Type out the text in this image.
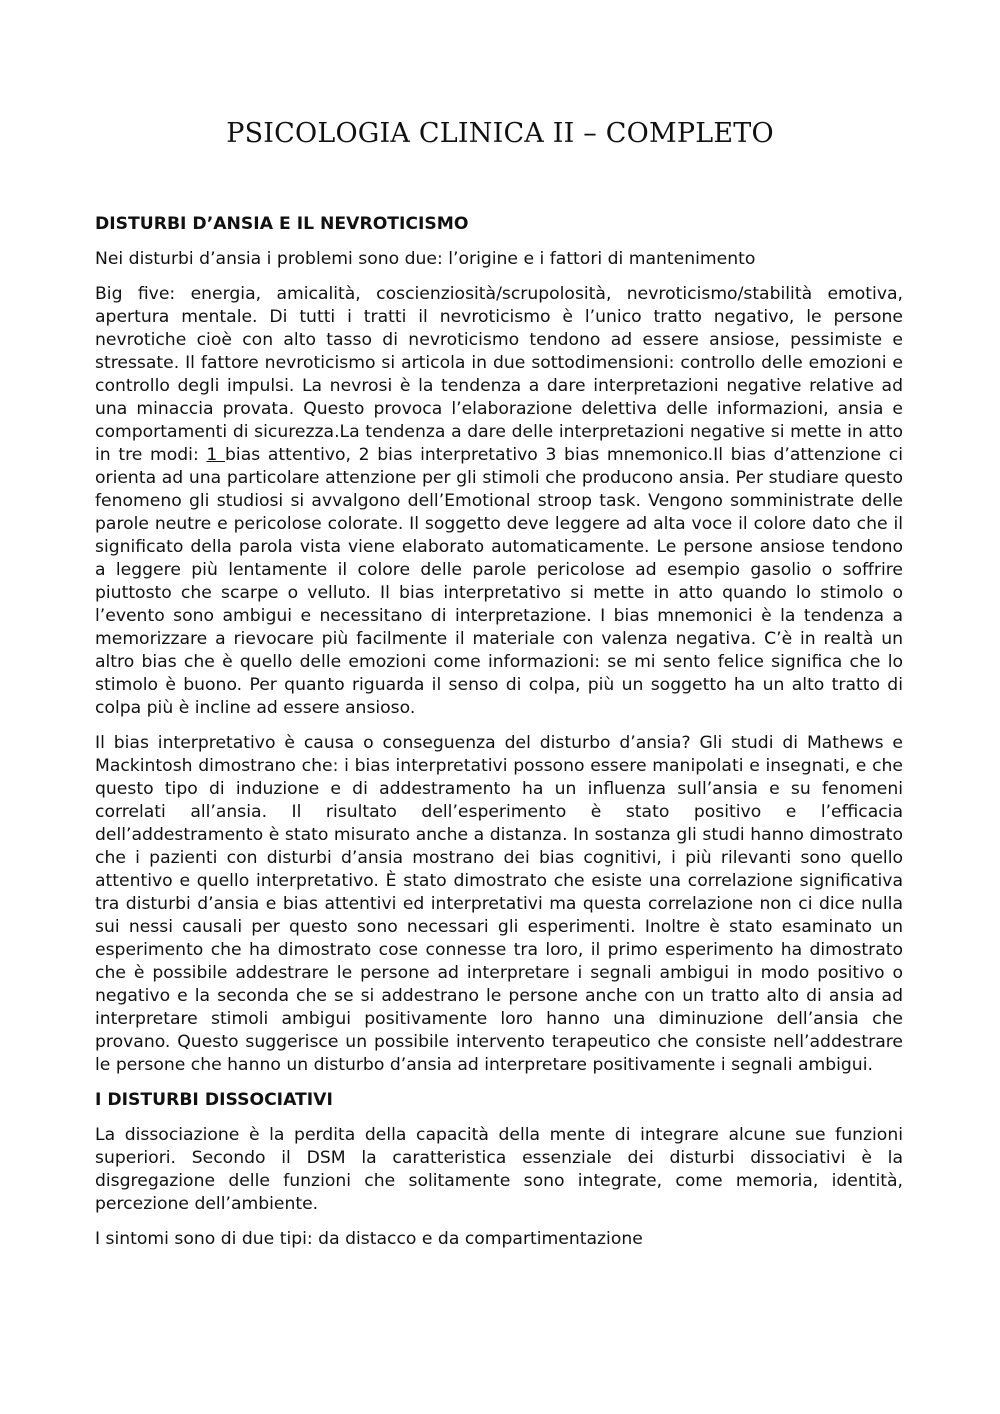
PSICOLOGIA CLINICA II – COMPLETO
DISTURBI D’ANSIA E IL NEVROTICISMO

Nei disturbi d’ansia i problemi sono due: l’origine e i fattori di mantenimento

Big five: energia, amicalità, coscienziosità/scrupolosità, nevroticismo/stabilità emotiva, apertura mentale. Di tutti i tratti il nevroticismo è l’unico tratto negativo, le persone nevrotiche cioè con alto tasso di nevroticismo tendono ad essere ansiose, pessimiste e stressate. Il fattore nevroticismo si articola in due sottodimensioni: controllo delle emozioni e controllo degli impulsi. La nevrosi è la tendenza a dare interpretazioni negative relative ad una minaccia provata. Questo provoca l’elaborazione delettiva delle informazioni, ansia e comportamenti di sicurezza.La tendenza a dare delle interpretazioni negative si mette in atto in tre modi: 1 bias attentivo, 2 bias interpretativo 3 bias mnemonico.Il bias d’attenzione ci orienta ad una particolare attenzione per gli stimoli che producono ansia. Per studiare questo fenomeno gli studiosi si avvalgono dell’Emotional stroop task. Vengono somministrate delle parole neutre e pericolose colorate. Il soggetto deve leggere ad alta voce il colore dato che il significato della parola vista viene elaborato automaticamente. Le persone ansiose tendono a leggere più lentamente il colore delle parole pericolose ad esempio gasolio o soffrire piuttosto che scarpe o velluto. Il bias interpretativo si mette in atto quando lo stimolo o l’evento sono ambigui e necessitano di interpretazione. I bias mnemonici è la tendenza a memorizzare a rievocare più facilmente il materiale con valenza negativa. C’è in realtà un altro bias che è quello delle emozioni come informazioni: se mi sento felice significa che lo stimolo è buono. Per quanto riguarda il senso di colpa, più un soggetto ha un alto tratto di colpa più è incline ad essere ansioso.

Il bias interpretativo è causa o conseguenza del disturbo d’ansia? Gli studi di Mathews e Mackintosh dimostrano che: i bias interpretativi possono essere manipolati e insegnati, e che questo tipo di induzione e di addestramento ha un influenza sull’ansia e su fenomeni correlati all’ansia. Il risultato dell’esperimento è stato positivo e l’efficacia dell’addestramento è stato misurato anche a distanza. In sostanza gli studi hanno dimostrato che i pazienti con disturbi d’ansia mostrano dei bias cognitivi, i più rilevanti sono quello attentivo e quello interpretativo. È stato dimostrato che esiste una correlazione significativa tra disturbi d’ansia e bias attentivi ed interpretativi ma questa correlazione non ci dice nulla sui nessi causali per questo sono necessari gli esperimenti. Inoltre è stato esaminato un esperimento che ha dimostrato cose connesse tra loro, il primo esperimento ha dimostrato che è possibile addestrare le persone ad interpretare i segnali ambigui in modo positivo o negativo e la seconda che se si addestrano le persone anche con un tratto alto di ansia ad interpretare stimoli ambigui positivamente loro hanno una diminuzione dell’ansia che provano. Questo suggerisce un possibile intervento terapeutico che consiste nell’addestrare le persone che hanno un disturbo d’ansia ad interpretare positivamente i segnali ambigui.

I DISTURBI DISSOCIATIVI

La dissociazione è la perdita della capacità della mente di integrare alcune sue funzioni superiori. Secondo il DSM la caratteristica essenziale dei disturbi dissociativi è la disgregazione delle funzioni che solitamente sono integrate, come memoria, identità, percezione dell’ambiente.

I sintomi sono di due tipi: da distacco e da compartimentazione
